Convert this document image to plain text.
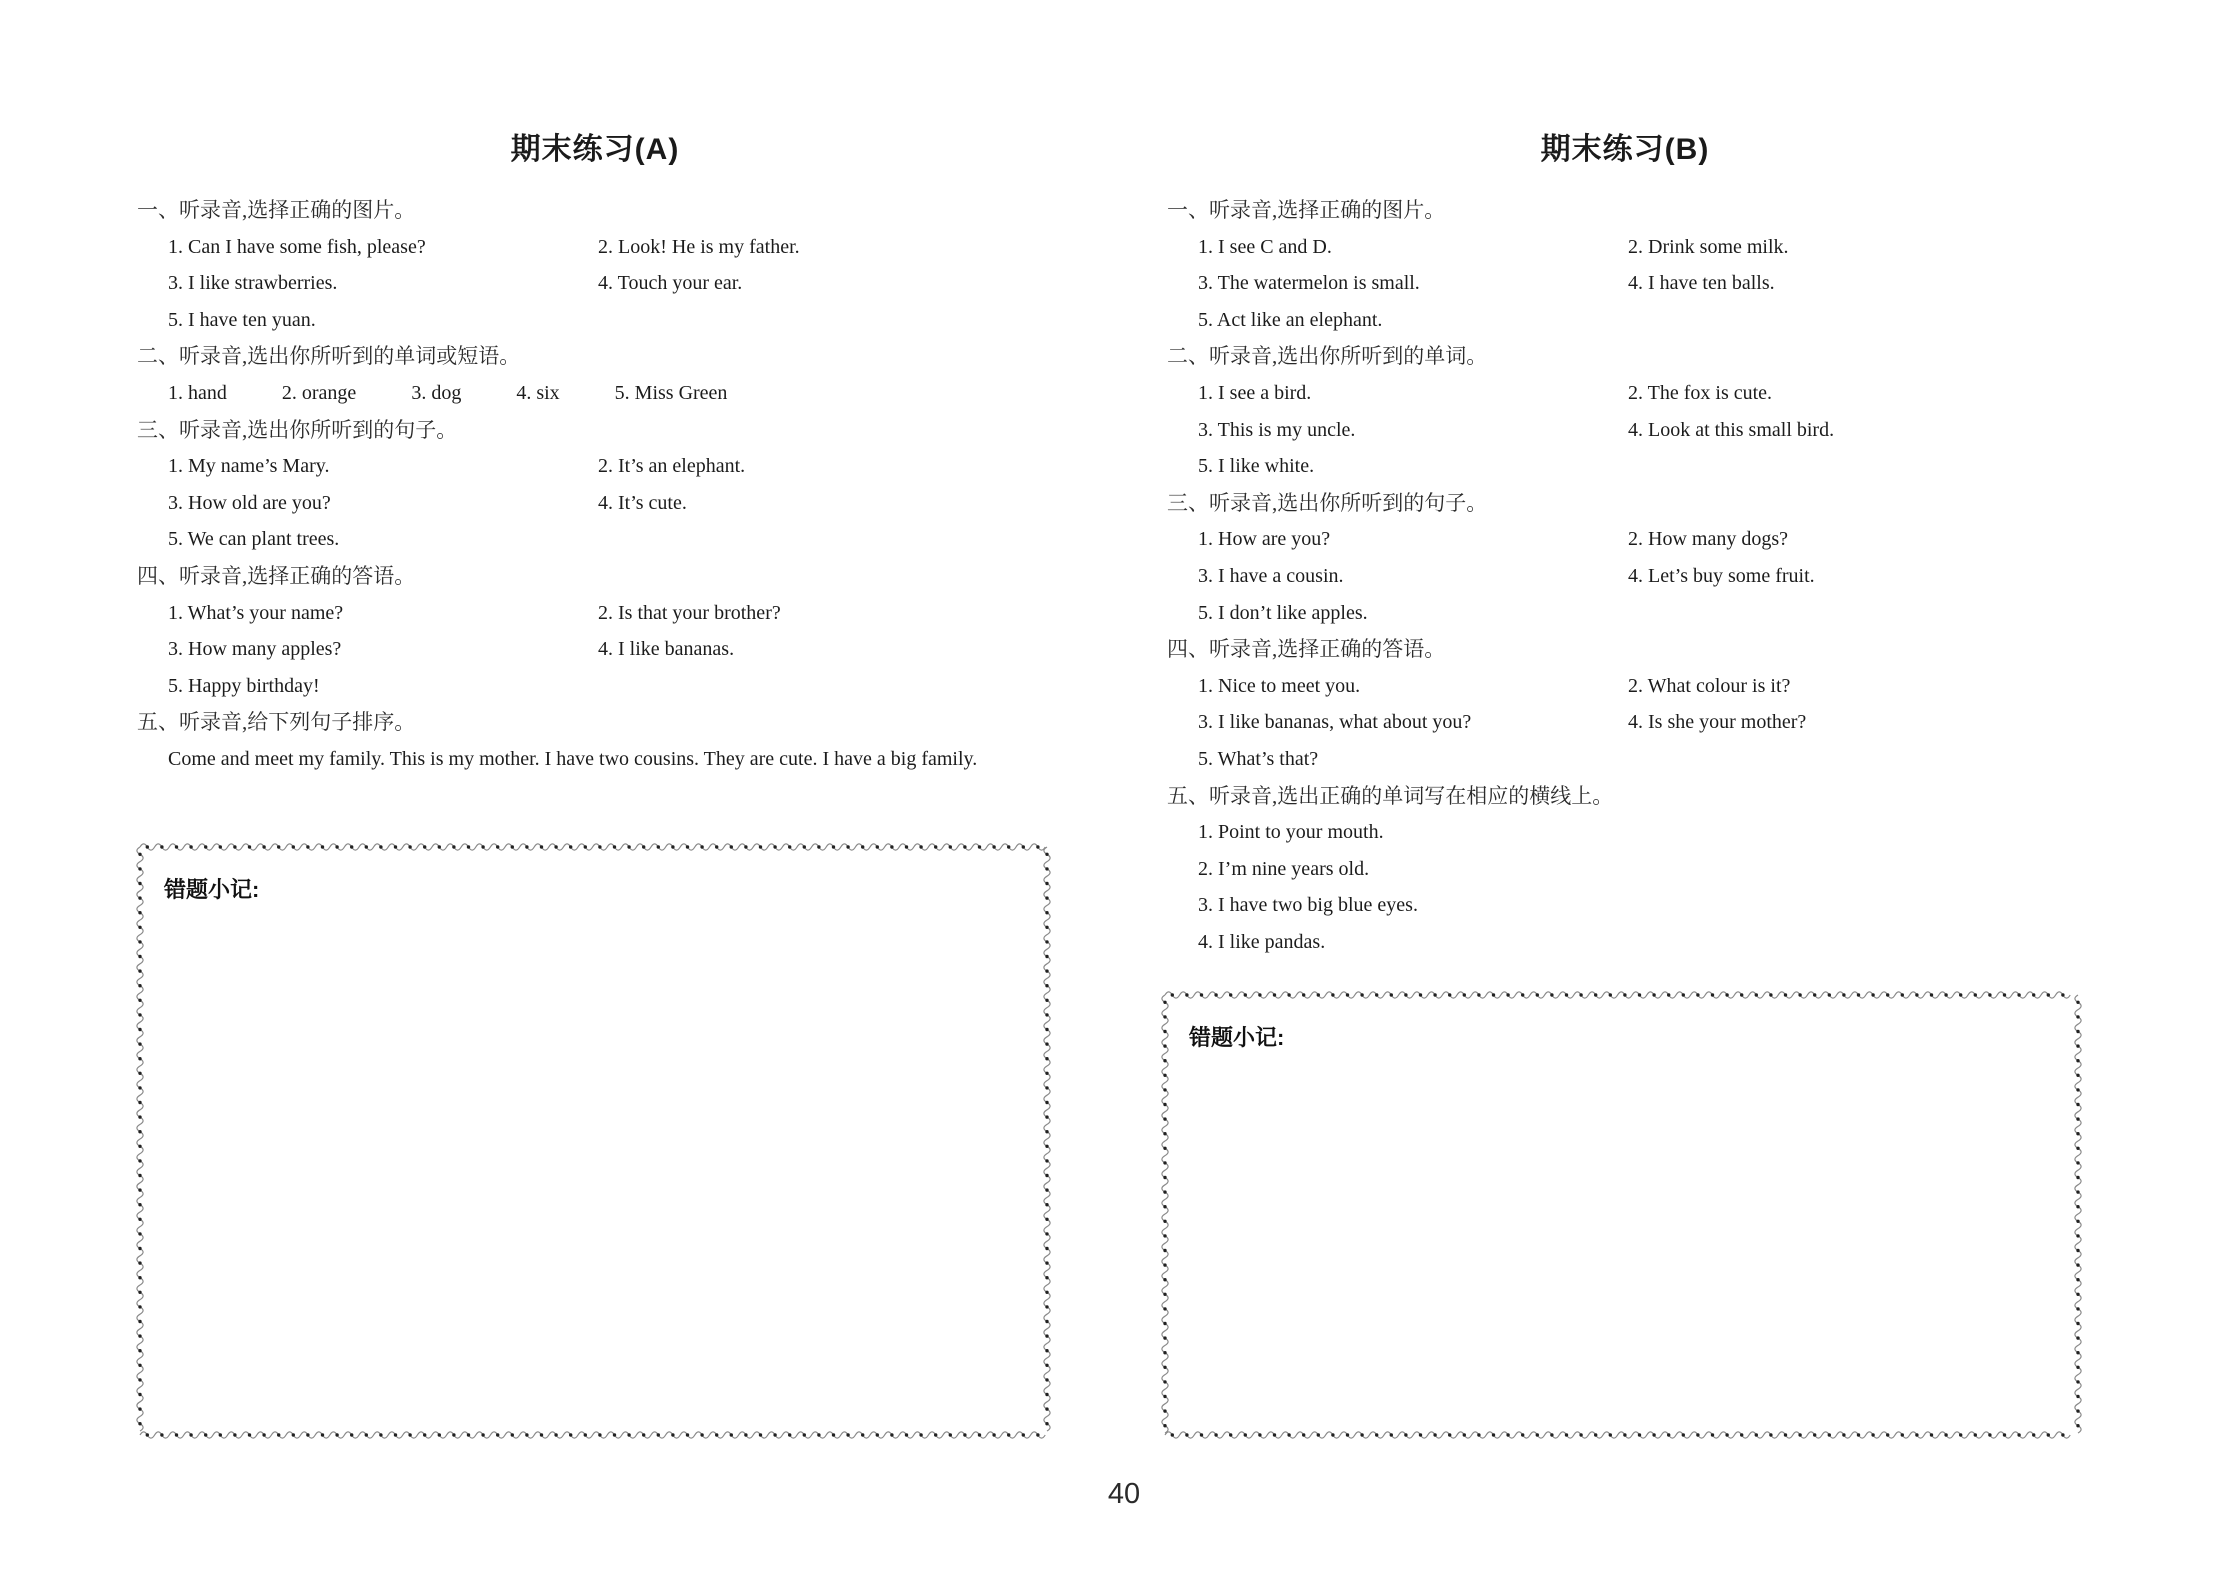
期末练习(A)
一、听录音,选择正确的图片。
1. Can I have some fish, please?	2. Look! He is my father.
3. I like strawberries.	4. Touch your ear.
5. I have ten yuan.
二、听录音,选出你所听到的单词或短语。
1. hand	2. orange	3. dog	4. six	5. Miss Green
三、听录音,选出你所听到的句子。
1. My name’s Mary.	2. It’s an elephant.
3. How old are you?	4. It’s cute.
5. We can plant trees.
四、听录音,选择正确的答语。
1. What’s your name?	2. Is that your brother?
3. How many apples?	4. I like bananas.
5. Happy birthday!
五、听录音,给下列句子排序。

Come and meet my family. This is my mother. I have two cousins. They are cute. I have a big family.

期末练习(B)
一、听录音,选择正确的图片。
1. I see C and D.	2. Drink some milk.
3. The watermelon is small.	4. I have ten balls.
5. Act like an elephant.
二、听录音,选出你所听到的单词。
1. I see a bird.	2. The fox is cute.
3. This is my uncle.	4. Look at this small bird.
5. I like white.
三、听录音,选出你所听到的句子。
1. How are you?	2. How many dogs?
3. I have a cousin.	4. Let’s buy some fruit.
5. I don’t like apples.
四、听录音,选择正确的答语。
1. Nice to meet you.	2. What colour is it?
3. I like bananas, what about you?	4. Is she your mother?
5. What’s that?
五、听录音,选出正确的单词写在相应的横线上。
1. Point to your mouth.
2. I’m nine years old.
3. I have two big blue eyes.
4. I like pandas.
错题小记:
错题小记:
40
